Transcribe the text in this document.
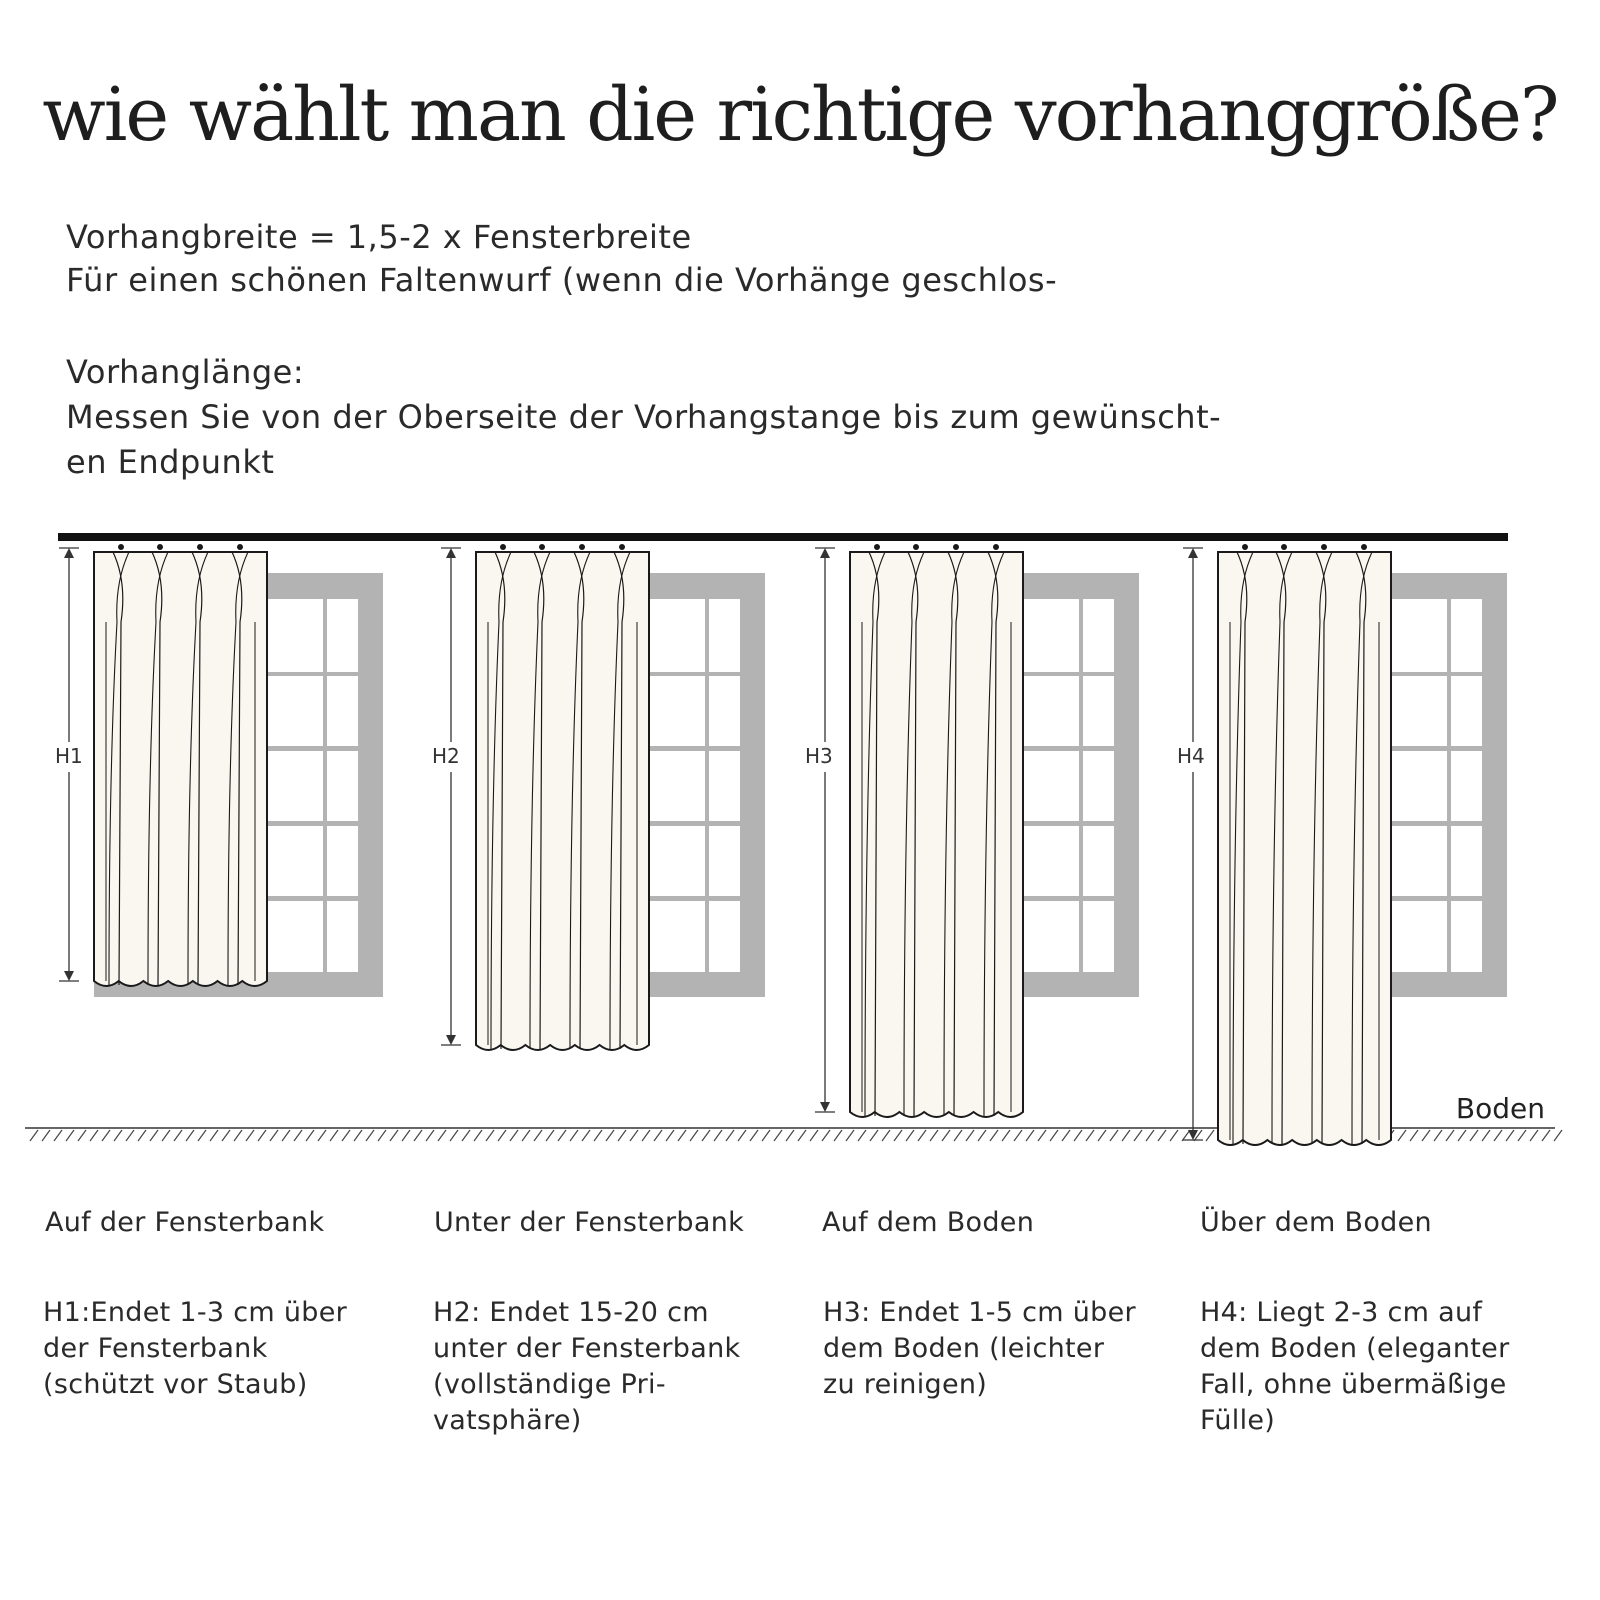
wie wählt man die richtige vorhanggröße?
Vorhangbreite = 1,5-2 x Fensterbreite
Für einen schönen Faltenwurf (wenn die Vorhänge geschlos-
Vorhanglänge:
Messen Sie von der Oberseite der Vorhangstange bis zum gewünscht-
en Endpunkt
Boden
H1	H2	H3	H4
Auf der Fensterbank	Unter der Fensterbank	Auf dem Boden	Über dem Boden
H1:Endet 1-3 cm über
der Fensterbank
(schützt vor Staub)
H2: Endet 15-20 cm
unter der Fensterbank
(vollständige Pri-
vatsphäre)
H3: Endet 1-5 cm über
dem Boden (leichter
zu reinigen)
H4: Liegt 2-3 cm auf
dem Boden (eleganter
Fall, ohne übermäßige
Fülle)
